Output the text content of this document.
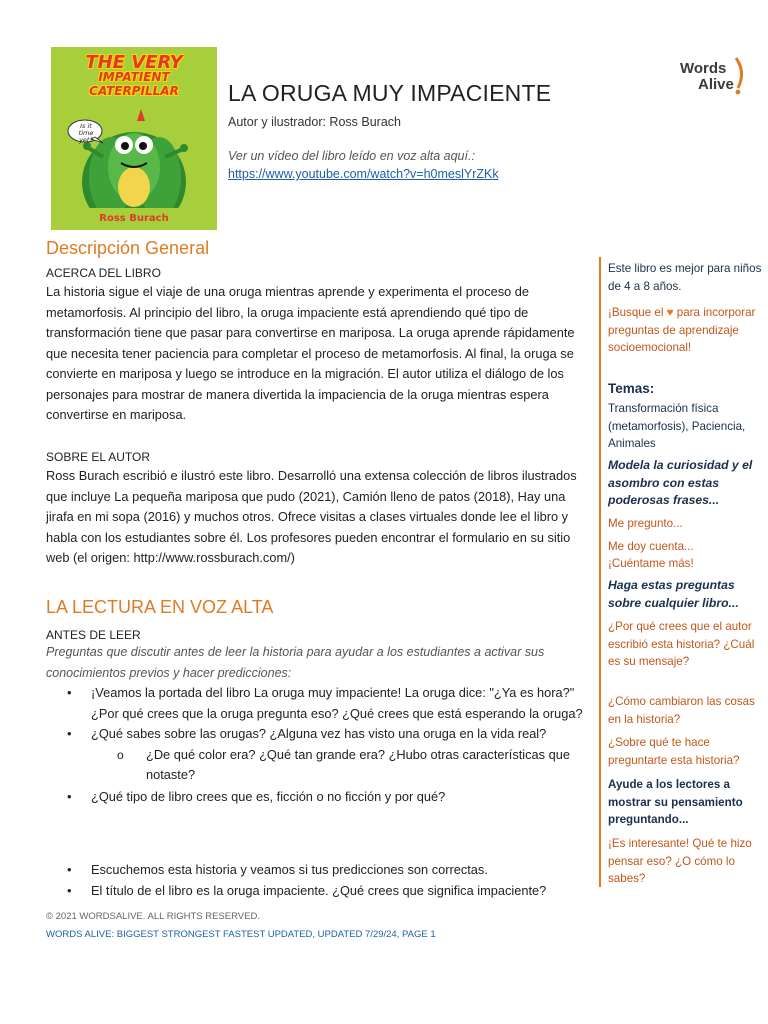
THE VERY
IMPATIENT
CATERPILLAR
Is it time yet?
Ross Burach
LA ORUGA MUY IMPACIENTE
Autor y ilustrador: Ross Burach
Ver un vídeo del libro leído en voz alta aquí.:
https://www.youtube.com/watch?v=h0meslYrZKk
Words
Alive
Descripción General
ACERCA DEL LIBRO
La historia sigue el viaje de una oruga mientras aprende y experimenta el proceso de metamorfosis. Al principio del libro, la oruga impaciente está aprendiendo qué tipo de transformación tiene que pasar para convertirse en mariposa. La oruga aprende rápidamente que necesita tener paciencia para completar el proceso de metamorfosis. Al final, la oruga se convierte en mariposa y luego se introduce en la migración. El autor utiliza el diálogo de los personajes para mostrar de manera divertida la impaciencia de la oruga mientras espera convertirse en mariposa.
SOBRE EL AUTOR
Ross Burach escribió e ilustró este libro. Desarrolló una extensa colección de libros ilustrados que incluye La pequeña mariposa que pudo (2021), Camión lleno de patos (2018), Hay una jirafa en mi sopa (2016) y muchos otros. Ofrece visitas a clases virtuales donde lee el libro y habla con los estudiantes sobre él. Los profesores pueden encontrar el formulario en su sitio web (el origen: http://www.rossburach.com/)
LA LECTURA EN VOZ ALTA
ANTES DE LEER
Preguntas que discutir antes de leer la historia para ayudar a los estudiantes a activar sus conocimientos previos y hacer predicciones:
• ¡Veamos la portada del libro La oruga muy impaciente! La oruga dice: "¿Ya es hora?" ¿Por qué crees que la oruga pregunta eso? ¿Qué crees que está esperando la oruga?
• ¿Qué sabes sobre las orugas? ¿Alguna vez has visto una oruga en la vida real?
o ¿De qué color era? ¿Qué tan grande era? ¿Hubo otras características que notaste?
• ¿Qué tipo de libro crees que es, ficción o no ficción y por qué?
• Escuchemos esta historia y veamos si tus predicciones son correctas.
• El título de el libro es la oruga impaciente. ¿Qué crees que significa impaciente?
Este libro es mejor para niños de 4 a 8 años.
¡Busque el ♥ para incorporar preguntas de aprendizaje socioemocional!
Temas:
Transformación física (metamorfosis), Paciencia, Animales
Modela la curiosidad y el asombro con estas poderosas frases...
Me pregunto...
Me doy cuenta...
¡Cuéntame más!
Haga estas preguntas sobre cualquier libro...
¿Por qué crees que el autor escribió esta historia? ¿Cuál es su mensaje?
¿Cómo cambiaron las cosas en la historia?
¿Sobre qué te hace preguntarte esta historia?
Ayude a los lectores a mostrar su pensamiento preguntando...
¡Es interesante! Qué te hizo pensar eso? ¿O cómo lo sabes?
© 2021 WORDSALIVE. ALL RIGHTS RESERVED.
WORDS ALIVE: BIGGEST STRONGEST FASTEST UPDATED, UPDATED 7/29/24, PAGE 1
